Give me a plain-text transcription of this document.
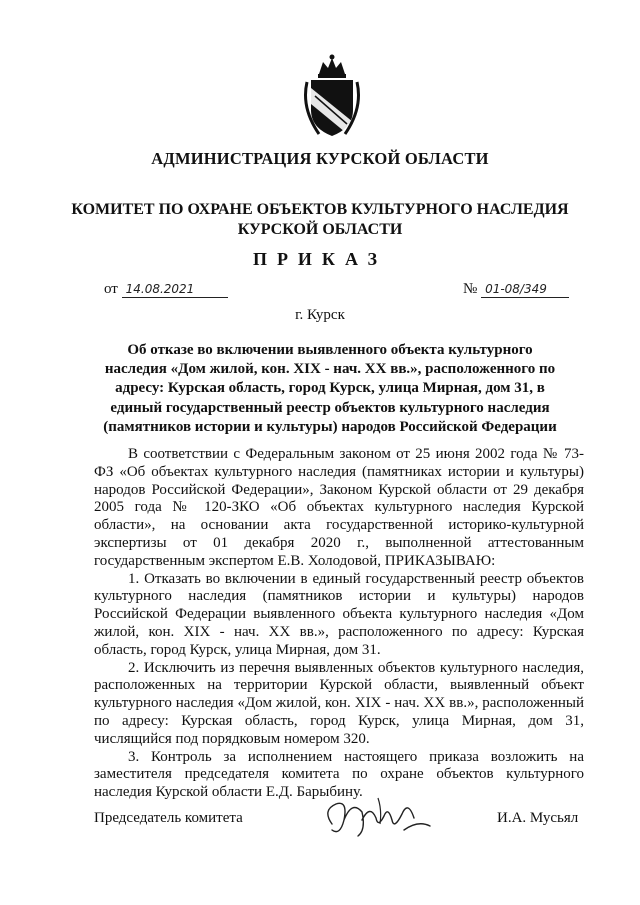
АДМИНИСТРАЦИЯ КУРСКОЙ ОБЛАСТИ
КОМИТЕТ ПО ОХРАНЕ ОБЪЕКТОВ КУЛЬТУРНОГО НАСЛЕДИЯ
КУРСКОЙ ОБЛАСТИ
ПРИКАЗ
от 14.08.2021	№ 01-08/349
г. Курск
Об отказе во включении выявленного объекта культурного наследия «Дом жилой, кон. XIX - нач. XX вв.», расположенного по адресу: Курская область, город Курск, улица Мирная, дом 31, в единый государственный реестр объектов культурного наследия (памятников истории и культуры) народов Российской Федерации

В соответствии с Федеральным законом от 25 июня 2002 года № 73-ФЗ «Об объектах культурного наследия (памятниках истории и культуры) народов Российской Федерации», Законом Курской области от 29 декабря 2005 года № 120-ЗКО «Об объектах культурного наследия Курской области», на основании акта государственной историко-культурной экспертизы от 01 декабря 2020 г., выполненной аттестованным государственным экспертом Е.В. Холодовой, ПРИКАЗЫВАЮ:

1. Отказать во включении в единый государственный реестр объектов культурного наследия (памятников истории и культуры) народов Российской Федерации выявленного объекта культурного наследия «Дом жилой, кон. XIX - нач. XX вв.», расположенного по адресу: Курская область, город Курск, улица Мирная, дом 31.

2. Исключить из перечня выявленных объектов культурного наследия, расположенных на территории Курской области, выявленный объект культурного наследия «Дом жилой, кон. XIX - нач. XX вв.», расположенный по адресу: Курская область, город Курск, улица Мирная, дом 31, числящийся под порядковым номером 320.

3. Контроль за исполнением настоящего приказа возложить на заместителя председателя комитета по охране объектов культурного наследия Курской области Е.Д. Барыбину.

Председатель комитета	И.А. Мусьял
